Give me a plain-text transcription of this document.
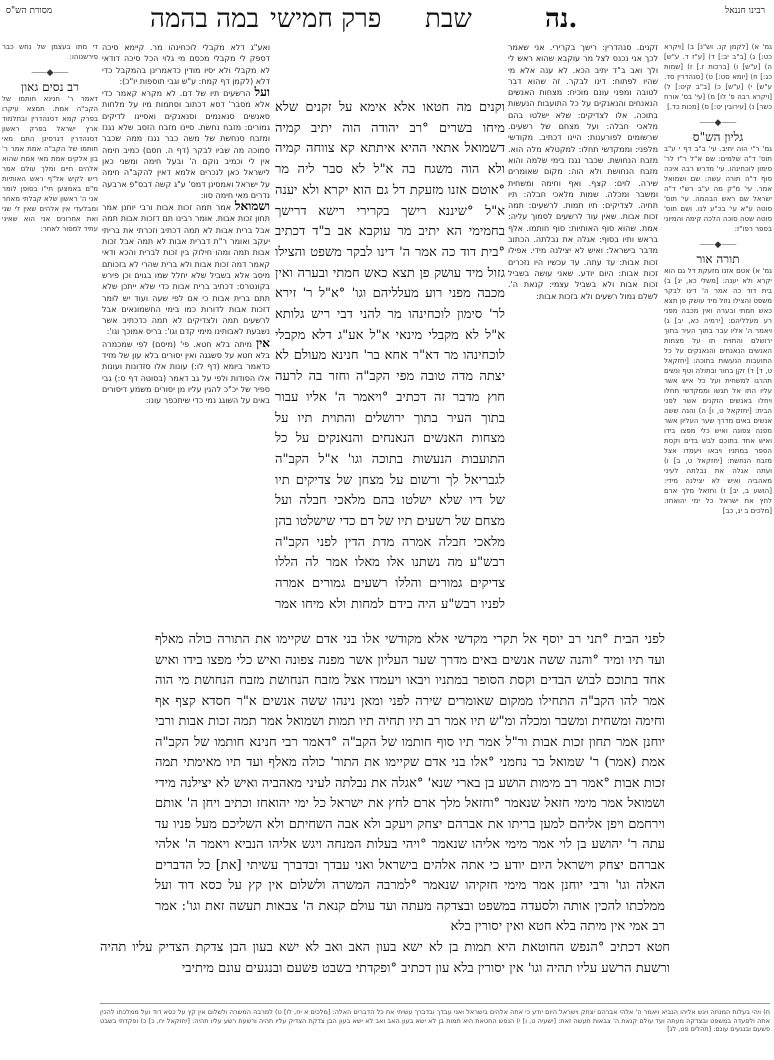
מסורת הש"ס	במה בהמה פרק חמישי שבת	נה.	רבינו חננאל
גמ' א) [לקמן קנ. וש"נ] ב) [ויקרא כט:] ג) [ב"ב יב:] ד) [ע"ז ד. ע"ש] ה) [ע"ש] ו) [ברכות ז.] ז) [שמות כג:] ח) [יומא סט:] ט) [סנהדרין סד. ע"ש] י) [ע"ש] כ) [ב"ב קיט:] ל) [ויקרא רבה פ' לו] מ) [עי' בס' אורח כשר] נ) [עירובין יט:] ס) [מכות כד.]
⸺◆⸺
גליון הש"ס
גמ' ר"י הוה יתיב. עי' ב"ב דף י ע"ב תוס' ד"ה שלמים: שם א"ל ר"ז לר' סימון לוכחינהו. עי' מדרש רבה איכה סוף ד"ה תורה עשה: שם ושמואל אמר. עי' מ"ק מה ע"ב רש"י ד"ה ישראל שם ראש הבהמה. עי' תוס' סוטה ע"א עי' בכ"ע לנו. ושם תוס' סוטה שטה סוכה הלכה קימה והמיוני בספר רפו"ז:
⸺◆⸺
תורה אור
גמ' א) אטם אזנו מזעקת דל גם הוא יקרא ולא יענה: [משלי כא, יג] ב) בית דוד כה אמר ה' דינו לבקר משפט והצילו גזול מיד עושק פן תצא כאש חמתי ובערה ואין מכבה מפני רע מעלליהם: [ירמיה כא, יב] ג) ויאמר ה' אליו עבר בתוך העיר בתוך ירושלם והתוית תו על מצחות האנשים הנאנחים והנאנקים על כל התועבות הנעשות בתוכה: [יחזקאל ט, ד] ד) זקן בחור ובתולה וטף ונשים תהרגו למשחית ועל כל איש אשר עליו התו אל תגשו וממקדשי תחלו ויחלו באנשים הזקנים אשר לפני הבית: [יחזקאל ט, ו] ה) והנה ששה אנשים באים מדרך שער העליון אשר מפנה צפונה ואיש כלי מפצו בידו ואיש אחד בתוכם לבש בדים וקסת הספר במתניו ויבאו ויעמדו אצל מזבח הנחשת: [יחזקאל ט, ב] ו) ועתה אגלה את נבלתה לעיני מאהביה ואיש לא יצילנה מידי: [הושע ב, יב] ז) וחזאל מלך ארם לחץ את ישראל כל ימי יהואחז: [מלכים ב יג, כב]
זקנים. סנהדרין: רישך בקרירי. אני שאמר לכך אני נכנס לצל מר עוקבא שהוא ראש לי ולך ואב ב"ד יתיב הכא. לא ענה אלא מי שהיו לפתוח: דינו לבקר. זה שהוא דבר לטובה ומפני עונם מוכיח: מצחות האנשים הנאנחים והנאנקים על כל התועבות הנעשות בתוכה. אלו לצדיקים: שלא ישלטו בהם מלאכי חבלה: ועל מצחם של רשעים. שרשומים לפורענות: היינו דכתיב. מקודשי מלפני: וממקדשי תחלו: למקטלא מלה הוא. מזבח הנחושת. שכבר נגנז בימי שלמה והוא מזבח הנחושת ולא הוה: מקום שאומרים שירה. לוים: קצף. ואף וחימה ומשחית ומשבר ומכלה. שמות מלאכי חבלה: תיו תחיה. לצדיקים: תיו תמות. לרשעים: תמה זכות אבות. שאין עוד לרשעים לסמוך עליה: אמת. שהוא סוף האותיות: סוף חותמו. אלף בראש ותיו בסוף: אגלה את נבלתה. הכתוב מדבר בישראל: ואיש לא יצילנה מידי. אפילו זכות אבות: עד עתה. עד עכשיו היו נזכרים זכות אבות: היום יודע. שאני עושה בשביל זכות אבות ולא בשביל עצמי: קנאת ה'. לשלם גמול רשעים ולא בזכות אבות:
וקנים מה חטאו אלא אימא על זקנים שלא מיחו בשרים °רב יהודה הוה יתיב קמיה דשמואל אתאי ההיא איתתא קא צווחה קמיה ולא הוה משגח בה א"ל לא סבר ליה מר °אוטם אזנו מזעקת דל גם הוא יקרא ולא יענה א"ל °שיננא רישך בקרירי רישא דרישך בחמימי הא יתיב מר עוקבא אב ב"ד דכתיב °בית דוד כה אמר ה' דינו לבקר משפט והצילו גזול מיד עושק פן תצא כאש חמתי ובערה ואין מכבה מפני רוע מעלליהם וגו' °א"ל ר' זירא לר' סימון לוכחינהו מר להני דבי ריש גלותא א"ל לא מקבלי מינאי א"ל אע"ג דלא מקבלי לוכחינהו מר דא"ר אחא בר' חנינא מעולם לא יצתה מדה טובה מפי הקב"ה וחזר בה לרעה חוץ מדבר זה דכתיב °ויאמר ה' אליו עבור בתוך העיר בתוך ירושלים והתוית תיו על מצחות האנשים הנאנחים והנאנקים על כל התועבות הנעשות בתוכה וגו' א"ל הקב"ה לגבריאל לך ורשום על מצחן של צדיקים תיו של דיו שלא ישלטו בהם מלאכי חבלה ועל מצחם של רשעים תיו של דם כדי שישלטו בהן מלאכי חבלה אמרה מדת הדין לפני הקב"ה רבש"ע מה נשתנו אלו מאלו אמר לה הללו צדיקים גמורים והללו רשעים גמורים אמרה לפניו רבש"ע היה בידם למחות ולא מיחו אמר
לפני הבית °תני רב יוסף אל תקרי מקדשי אלא מקודשי אלו בני אדם שקיימו את התורה כולה מאלף ועד תיו ומיד °והנה ששה אנשים באים מדרך שער העליון אשר מפנה צפונה ואיש כלי מפצו בידו ואיש אחד בתוכם לבוש הבדים וקסת הסופר במתניו ויבאו ויעמדו אצל מזבח הנחושת מזבח הנחושת מי הוה אמר להו הקב"ה התחילו ממקום שאומרים שירה לפני ומאן נינהו ששה אנשים א"ר חסדא קצף אף וחימה ומשחית ומשבר ומכלה ומ"ש תיו אמר רב תיו תחיה תיו תמות ושמואל אמר תמה זכות אבות ורבי יוחנן אמר תחון זכות אבות ור"ל אמר תיו סוף חותמו של הקב"ה °דאמר רבי חנינא חותמו של הקב"ה אמת (אמר) ר' שמואל בר נחמני °אלו בני אדם שקיימו את התור' כולה מאלף ועד תיו מאימתי תמה זכות אבות °אמר רב מימות הושע בן בארי שנא' °אגלה את נבלתה לעיני מאהביה ואיש לא יצילנה מידי ושמואל אמר מימי חזאל שנאמר °וחזאל מלך ארם לחץ את ישראל כל ימי יהואחז וכתיב ויחן ה' אותם וירחמם ויפן אליהם למען בריתו את אברהם יצחק ויעקב ולא אבה השחיתם ולא השליכם מעל פניו עד עתה ר' יהושע בן לוי אמר מימי אליהו שנאמר °ויהי בעלות המנחה ויגש אליהו הנביא ויאמר ה' אלהי אברהם יצחק וישראל היום יודע כי אתה אלהים בישראל ואני עבדך ובדברך עשיתי [את] כל הדברים האלה וגו' ורבי יוחנן אמר מימי חזקיהו שנאמר °למרבה המשרה ולשלום אין קץ על כסא דוד ועל ממלכתו להכין אותה ולסעדה במשפט ובצדקה מעתה ועד עולם קנאת ה' צבאות תעשה זאת וגו': אמר רב אמי אין מיתה בלא חטא ואין יסורין בלא
חטא דכתיב °הנפש החוטאת היא תמות בן לא ישא בעון האב ואב לא ישא בעון הבן צדקת הצדיק עליו תהיה ורשעת הרשע עליו תהיה וגו' אין יסורין בלא עון דכתיב °ופקדתי בשבט פשעם ובנגעים עונם מיתיבי
ואע"ג דלא מקבלי לוכחינהו מר. קיימא סיכה דספק לי מקבלי מכסם מי גלוי הכל סיכה דודאי לא מקבלי ולא יסיו מודין כדאמרינן בהמקבל כדי דלא (לקמן דף קמח: ע"ש וגבי תוספות יו"כ):
ועל הרשעים תיו של דם. לא מקרא קאמר כדי אלא מסבר' דסא דכתוב וסתמות מיו על מלחות סאנשים סנאנמים וסנאנקים ואסיינו לדיקים גמורים: מזבח נחשת. סיינו מזבח הזסב שלא נגנז ומזבח סנחשת של משה כבר נגנז ממה שכבר סמוכה מה שביו לבקר (דף ה. חסם) כמיב חימה אין לי וכמיב נוקם ה' ובעל חימה ומשני כאן לישראל כאן לנכרים אלמא דאין להקב"ה חימה על ישראל ואמסינן דמס' ע"ג קשה דבס"פ ארבעה נדרים מאי חימה סוו:
ושמואל אמר תמה זכות אבות ורבי יוחנן אמר תחון זכות אבות. אומר רבינו תם דזכות אבות תמה אבל ברית אבות לא תמה דכתיב וזכרתי את בריתי יעקב ואומר ר"ת דברית אבות לא תמה אבל זכות אבות תמה ומהו חילוק בין זכות לברית והכא ודאי קאמר דמה זכות אבות ולא ברית שהרי לא בזכותם מיסב אלא בשביל שלא יחלל שמו בגוים וכן פירש בקונטרס: דכתיב ברית אבות כדי שלא ייתכן שלא תתם ברית אבות כי אם לפי שעה ועוד יש לומר דזכות אבות לדורות כמו בימי החשמונאים אבל לרשעים תמה ולצדיקים לא תמה כדכתיב אשר נשבעת לאבותינו מימי קדם וגו': בריס אמוכך וגו':
אין מיתה בלא חטא. פי' (מיסם) לפי שמכמרה בלא חטא על סשגגה ואין יסורים בלא עון של מזיד כדאמר ביומא (דף לו:) עונות אלו סזדונות ועונות אלו הסודות ולפי על גב דאמר (בסוטה דף ס:) גבי ספיר של יכ"כ להגין עליו מן יסורים משמע דיסורים באים על השוגג נמי כדי שיתכפר עונו:
די מתו בעצמן של נחש כבר פירשנוהו:
⸺◆⸺
רב נסים גאון
דאמר ר' חנינא חותמו של הקב"ה אמת. תמצא עיקרו בפרק קמא דסנהדרין ובתלמוד ארץ ישראל בפרק ראשון דסנהדרין דגרסינן התם מאי חותמו של הקב"ה אמת אמר ר' בון אלקים אמת מאי אמת שהוא אלהים חיים ומלך עולם אמר ריש לקיש אל"ף ראש האותיות מ"ם באמצען תי"ו בסופן לומר אני ה' ראשון שלא קבלתי מאחר ומבלעדי אין אלהים שאין לי שני ואת אחרונים אני הוא שאיני עתיד למסור לאחר:
ח) ויהי בעלות המנחה ויגש אליהו הנביא ויאמר ה' אלהי אברהם יצחק וישראל היום יודע כי אתה אלהים בישראל ואני עבדך ובדברך עשיתי את כל הדברים האלה: [מלכים א יח, לו] ט) למרבה המשרה ולשלום אין קץ על כסא דוד ועל ממלכתו להכין אתה ולסעדה במשפט ובצדקה מעתה ועד עולם קנאת ה' צבאות תעשה זאת: [ישעיה ט, ו] י) הנפש החטאת היא תמות בן לא ישא בעון האב ואב לא ישא בעון הבן צדקת הצדיק עליו תהיה ורשעת רשע עליו תהיה: [יחזקאל יח, כ] כ) ופקדתי בשבט פשעם ובנגעים עונם: [תהלים פט, לג]
